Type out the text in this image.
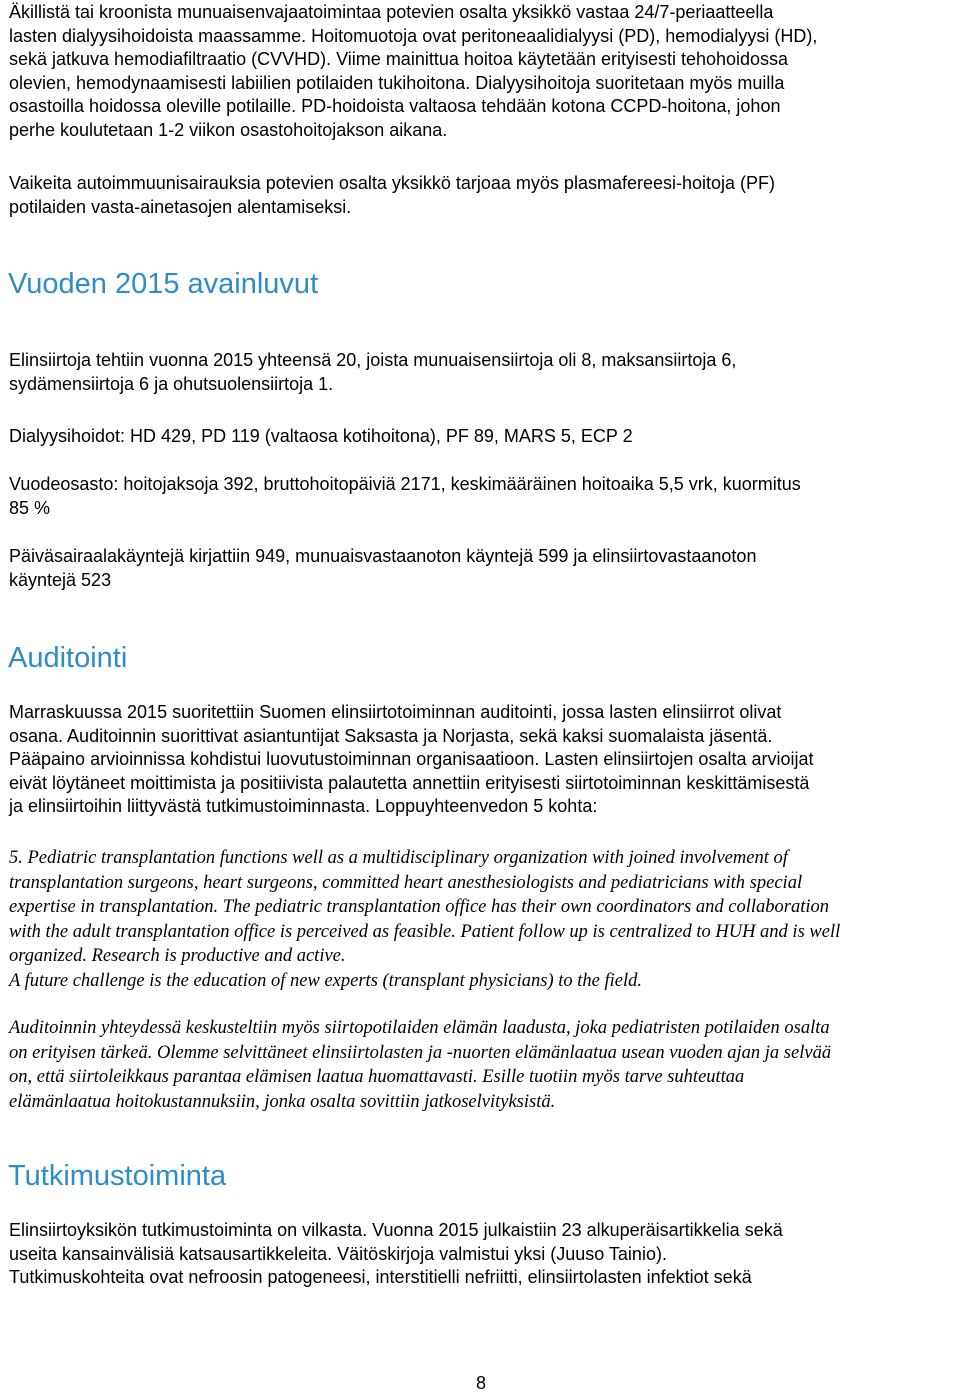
Äkillistä tai kroonista munuaisenvajaatoimintaa potevien osalta yksikkö vastaa 24/7-periaatteella
lasten dialyysihoidoista maassamme. Hoitomuotoja ovat peritoneaalidialyysi (PD), hemodialyysi (HD),
sekä jatkuva hemodiafiltraatio (CVVHD). Viime mainittua hoitoa käytetään erityisesti tehohoidossa
olevien, hemodynaamisesti labiilien potilaiden tukihoitona. Dialyysihoitoja suoritetaan myös muilla
osastoilla hoidossa oleville potilaille. PD-hoidoista valtaosa tehdään kotona CCPD-hoitona, johon
perhe koulutetaan 1-2 viikon osastohoitojakson aikana.
Vaikeita autoimmuunisairauksia potevien osalta yksikkö tarjoaa myös plasmafereesi-hoitoja (PF)
potilaiden vasta-ainetasojen alentamiseksi.
Vuoden 2015 avainluvut
Elinsiirtoja tehtiin vuonna 2015 yhteensä 20, joista munuaisensiirtoja oli 8, maksansiirtoja 6,
sydämensiirtoja 6 ja ohutsuolensiirtoja 1.
Dialyysihoidot: HD 429, PD 119 (valtaosa kotihoitona), PF 89, MARS 5, ECP 2
Vuodeosasto: hoitojaksoja 392, bruttohoitopäiviä 2171, keskimääräinen hoitoaika 5,5 vrk, kuormitus
85 %
Päiväsairaalakäyntejä kirjattiin 949, munuaisvastaanoton käyntejä 599 ja elinsiirtovastaanoton
käyntejä 523
Auditointi
Marraskuussa 2015 suoritettiin Suomen elinsiirtotoiminnan auditointi, jossa lasten elinsiirrot olivat
osana. Auditoinnin suorittivat asiantuntijat Saksasta ja Norjasta, sekä kaksi suomalaista jäsentä.
Pääpaino arvioinnissa kohdistui luovutustoiminnan organisaatioon. Lasten elinsiirtojen osalta arvioijat
eivät löytäneet moittimista ja positiivista palautetta annettiin erityisesti siirtotoiminnan keskittämisestä
ja elinsiirtoihin liittyvästä tutkimustoiminnasta. Loppuyhteenvedon 5 kohta:
5. Pediatric transplantation functions well as a multidisciplinary organization with joined involvement of
transplantation surgeons, heart surgeons, committed heart anesthesiologists and pediatricians with special
expertise in transplantation. The pediatric transplantation office has their own coordinators and collaboration
with the adult transplantation office is perceived as feasible. Patient follow up is centralized to HUH and is well
organized. Research is productive and active.
A future challenge is the education of new experts (transplant physicians) to the field.
Auditoinnin yhteydessä keskusteltiin myös siirtopotilaiden elämän laadusta, joka pediatristen potilaiden osalta
on erityisen tärkeä. Olemme selvittäneet elinsiirtolasten ja -nuorten elämänlaatua usean vuoden ajan ja selvää
on, että siirtoleikkaus parantaa elämisen laatua huomattavasti. Esille tuotiin myös tarve suhteuttaa
elämänlaatua hoitokustannuksiin, jonka osalta sovittiin jatkoselvityksistä.
Tutkimustoiminta
Elinsiirtoyksikön tutkimustoiminta on vilkasta. Vuonna 2015 julkaistiin 23 alkuperäisartikkelia sekä
useita kansainvälisiä katsausartikkeleita. Väitöskirjoja valmistui yksi (Juuso Tainio).
Tutkimuskohteita ovat nefroosin patogeneesi, interstitielli nefriitti, elinsiirtolasten infektiot sekä
8
